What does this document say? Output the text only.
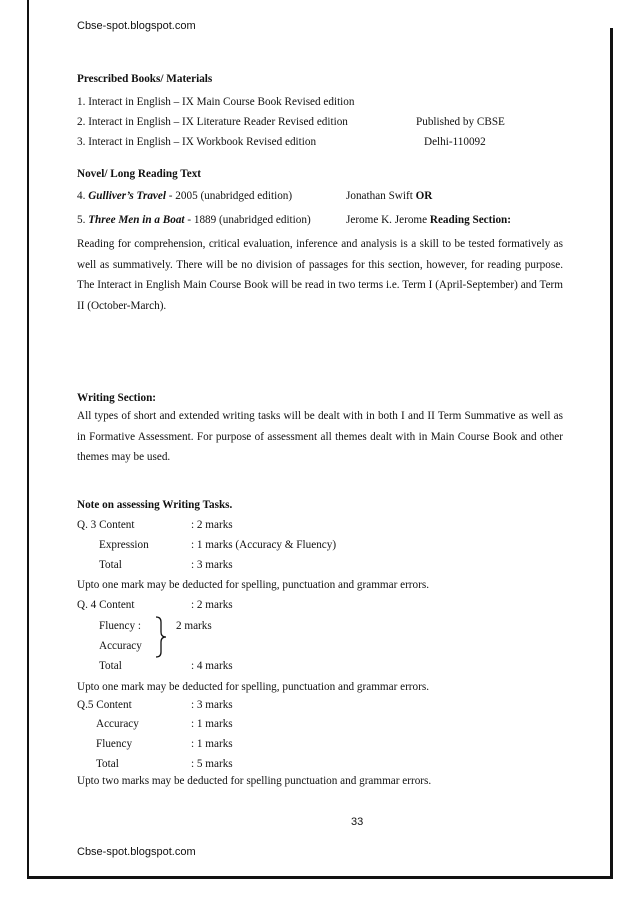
Cbse-spot.blogspot.com
Prescribed Books/ Materials
1. Interact in English – IX Main Course Book Revised edition
2. Interact in English – IX Literature Reader Revised edition	Published by CBSE
3. Interact in English – IX Workbook Revised edition	Delhi-110092
Novel/ Long Reading Text
4. Gulliver’s Travel - 2005 (unabridged edition)	Jonathan Swift OR
5. Three Men in a Boat - 1889 (unabridged edition)	Jerome K. Jerome Reading Section:
Reading for comprehension, critical evaluation, inference and analysis is a skill to be tested formatively as well as summatively. There will be no division of passages for this section, however, for reading purpose. The Interact in English Main Course Book will be read in two terms i.e. Term I (April-September) and Term II (October-March).
Writing Section:
All types of short and extended writing tasks will be dealt with in both I and II Term Summative as well as in Formative Assessment. For purpose of assessment all themes dealt with in Main Course Book and other themes may be used.
Note on assessing Writing Tasks.
Q. 3 Content	: 2 marks
Expression	: 1 marks (Accuracy & Fluency)
Total	: 3 marks
Upto one mark may be deducted for spelling, punctuation and grammar errors.
Q. 4 Content	: 2 marks
Fluency :	2 marks
Accuracy
Total	: 4 marks
Upto one mark may be deducted for spelling, punctuation and grammar errors.
Q.5 Content	: 3 marks
Accuracy	: 1 marks
Fluency	: 1 marks
Total	: 5 marks
Upto two marks may be deducted for spelling punctuation and grammar errors.
33
Cbse-spot.blogspot.com
